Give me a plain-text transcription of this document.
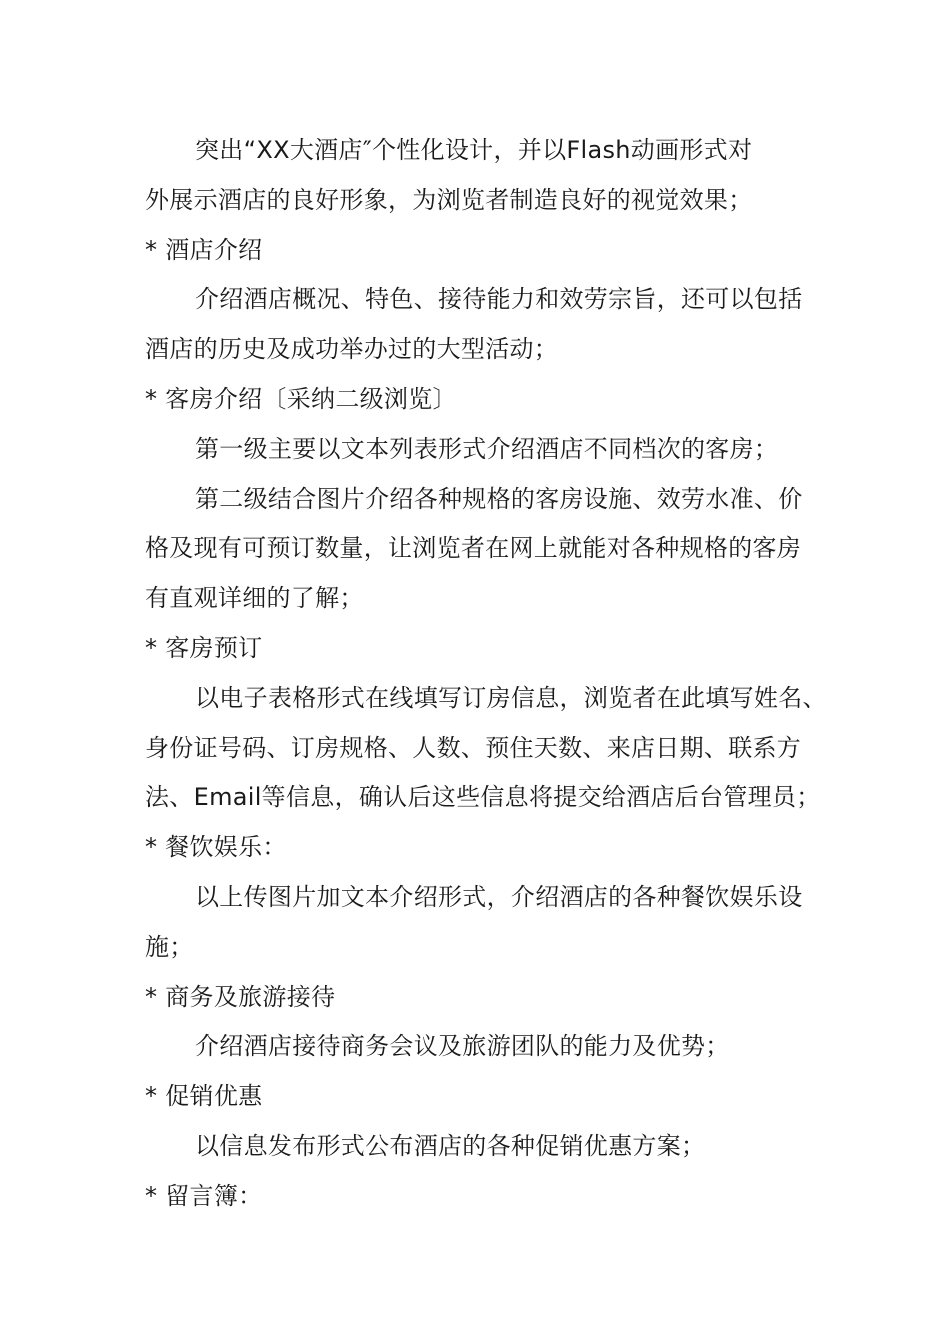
突出“XX大酒店″个性化设计，并以Flash动画形式对
外展示酒店的良好形象，为浏览者制造良好的视觉效果；
* 酒店介绍
介绍酒店概况、特色、接待能力和效劳宗旨，还可以包括
酒店的历史及成功举办过的大型活动；
* 客房介绍〔采纳二级浏览〕
第一级主要以文本列表形式介绍酒店不同档次的客房；
第二级结合图片介绍各种规格的客房设施、效劳水准、价
格及现有可预订数量，让浏览者在网上就能对各种规格的客房
有直观详细的了解；
* 客房预订
以电子表格形式在线填写订房信息，浏览者在此填写姓名、
身份证号码、订房规格、人数、预住天数、来店日期、联系方
法、Email等信息，确认后这些信息将提交给酒店后台管理员；
* 餐饮娱乐：
以上传图片加文本介绍形式，介绍酒店的各种餐饮娱乐设
施；
* 商务及旅游接待
介绍酒店接待商务会议及旅游团队的能力及优势；
* 促销优惠
以信息发布形式公布酒店的各种促销优惠方案；
* 留言簿：
